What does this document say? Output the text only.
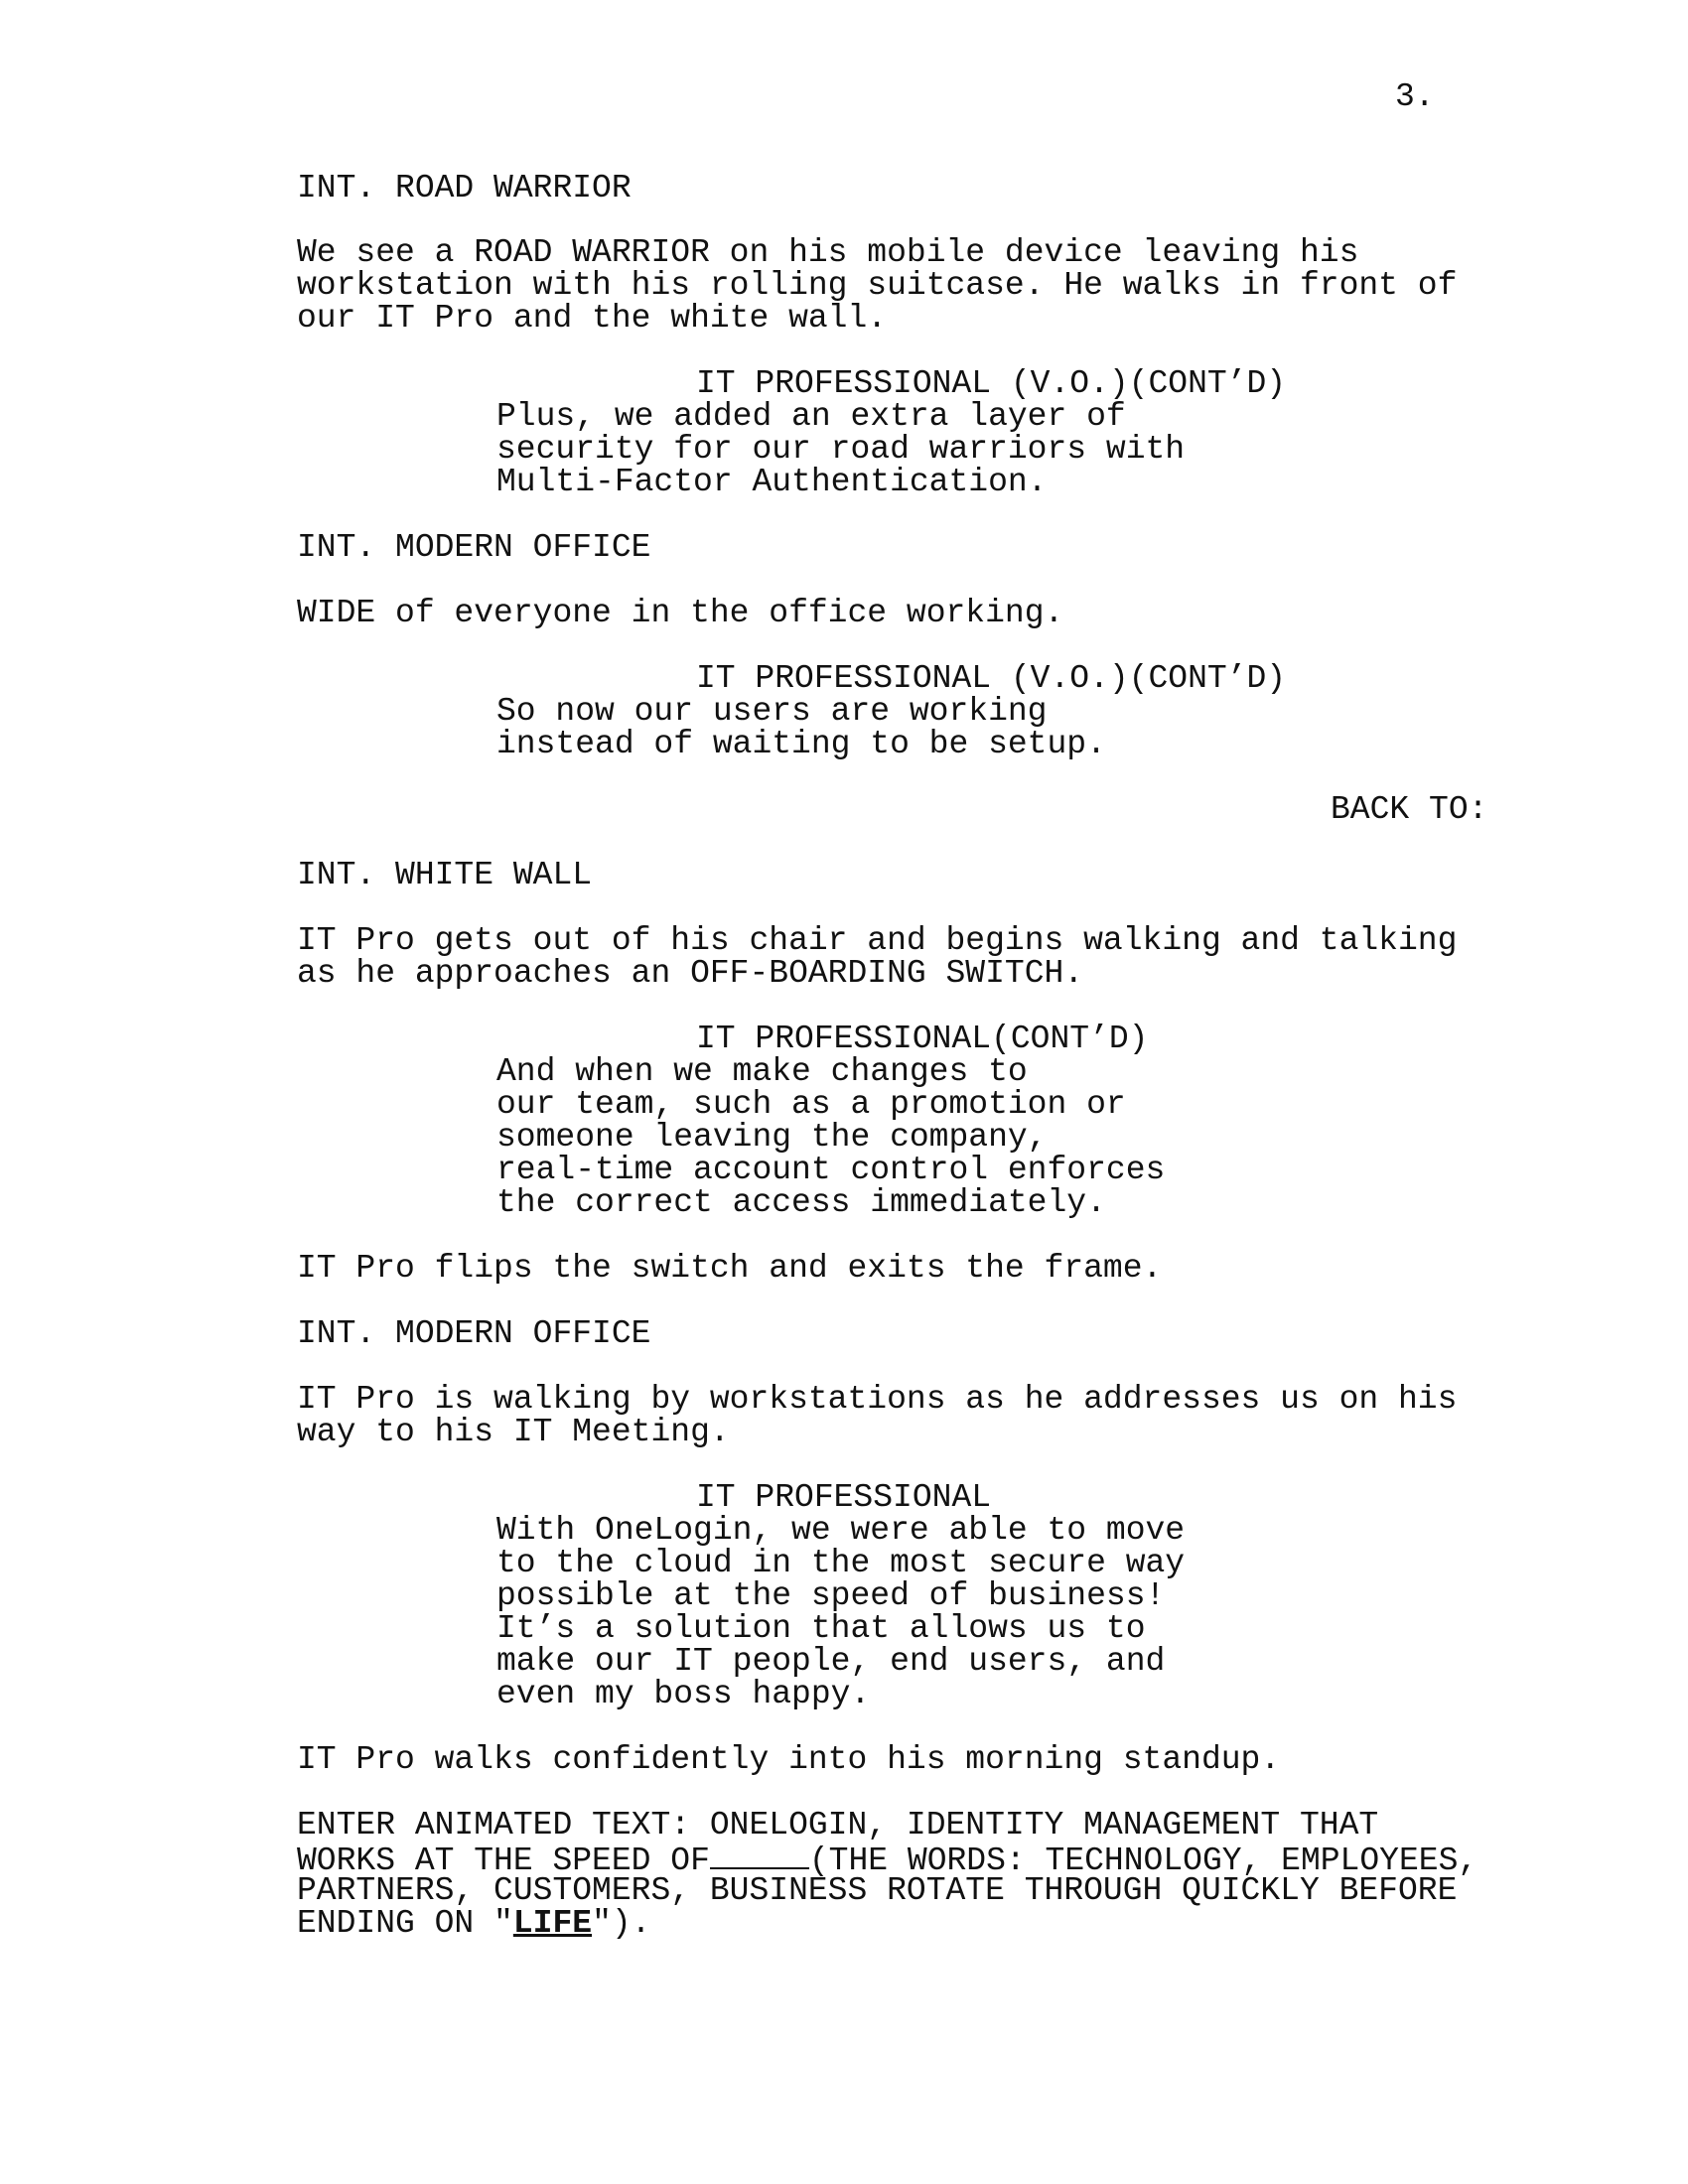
3.
INT. ROAD WARRIOR
We see a ROAD WARRIOR on his mobile device leaving his
workstation with his rolling suitcase. He walks in front of
our IT Pro and the white wall.
IT PROFESSIONAL (V.O.)(CONT’D)
Plus, we added an extra layer of
security for our road warriors with
Multi-Factor Authentication.
INT. MODERN OFFICE
WIDE of everyone in the office working.
IT PROFESSIONAL (V.O.)(CONT’D)
So now our users are working
instead of waiting to be setup.
BACK TO:
INT. WHITE WALL
IT Pro gets out of his chair and begins walking and talking
as he approaches an OFF-BOARDING SWITCH.
IT PROFESSIONAL(CONT’D)
And when we make changes to
our team, such as a promotion or
someone leaving the company,
real-time account control enforces
the correct access immediately.
IT Pro flips the switch and exits the frame.
INT. MODERN OFFICE
IT Pro is walking by workstations as he addresses us on his
way to his IT Meeting.
IT PROFESSIONAL
With OneLogin, we were able to move
to the cloud in the most secure way
possible at the speed of business!
It’s a solution that allows us to
make our IT people, end users, and
even my boss happy.
IT Pro walks confidently into his morning standup.
ENTER ANIMATED TEXT: ONELOGIN, IDENTITY MANAGEMENT THAT
WORKS AT THE SPEED OF	(THE WORDS: TECHNOLOGY, EMPLOYEES,
PARTNERS, CUSTOMERS, BUSINESS ROTATE THROUGH QUICKLY BEFORE
ENDING ON "LIFE").
